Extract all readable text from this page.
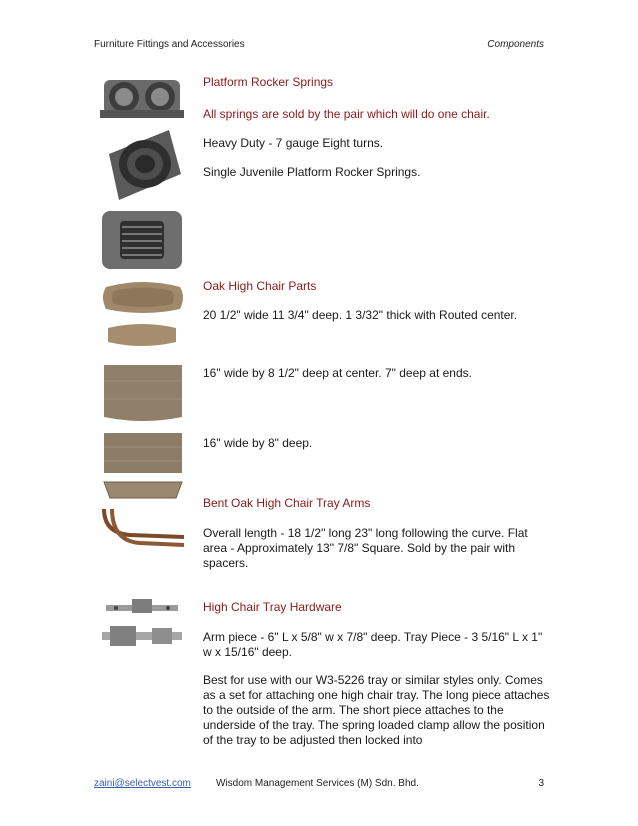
Furniture Fittings and Accessories	Components
Platform Rocker Springs
All springs are sold by the pair which will do one chair.
Heavy Duty - 7 gauge Eight turns.
Single Juvenile Platform Rocker Springs.
Oak High Chair Parts
20 1/2" wide 11 3/4" deep. 1 3/32" thick with Routed center.
16" wide by 8 1/2" deep at center. 7" deep at ends.
16" wide by 8" deep.
Bent Oak High Chair Tray Arms
Overall length - 18 1/2" long 23" long following the curve. Flat area - Approximately 13" 7/8" Square. Sold by the pair with spacers.
High Chair Tray Hardware
Arm piece - 6" L x 5/8" w x 7/8" deep. Tray Piece - 3 5/16" L x 1" w x 15/16" deep.
Best for use with our W3-5226 tray or similar styles only. Comes as a set for attaching one high chair tray. The long piece attaches to the outside of the arm. The short piece attaches to the underside of the tray. The spring loaded clamp allow the position of the tray to be adjusted then locked into
zaini@selectvest.com	Wisdom Management Services (M) Sdn. Bhd.	3
